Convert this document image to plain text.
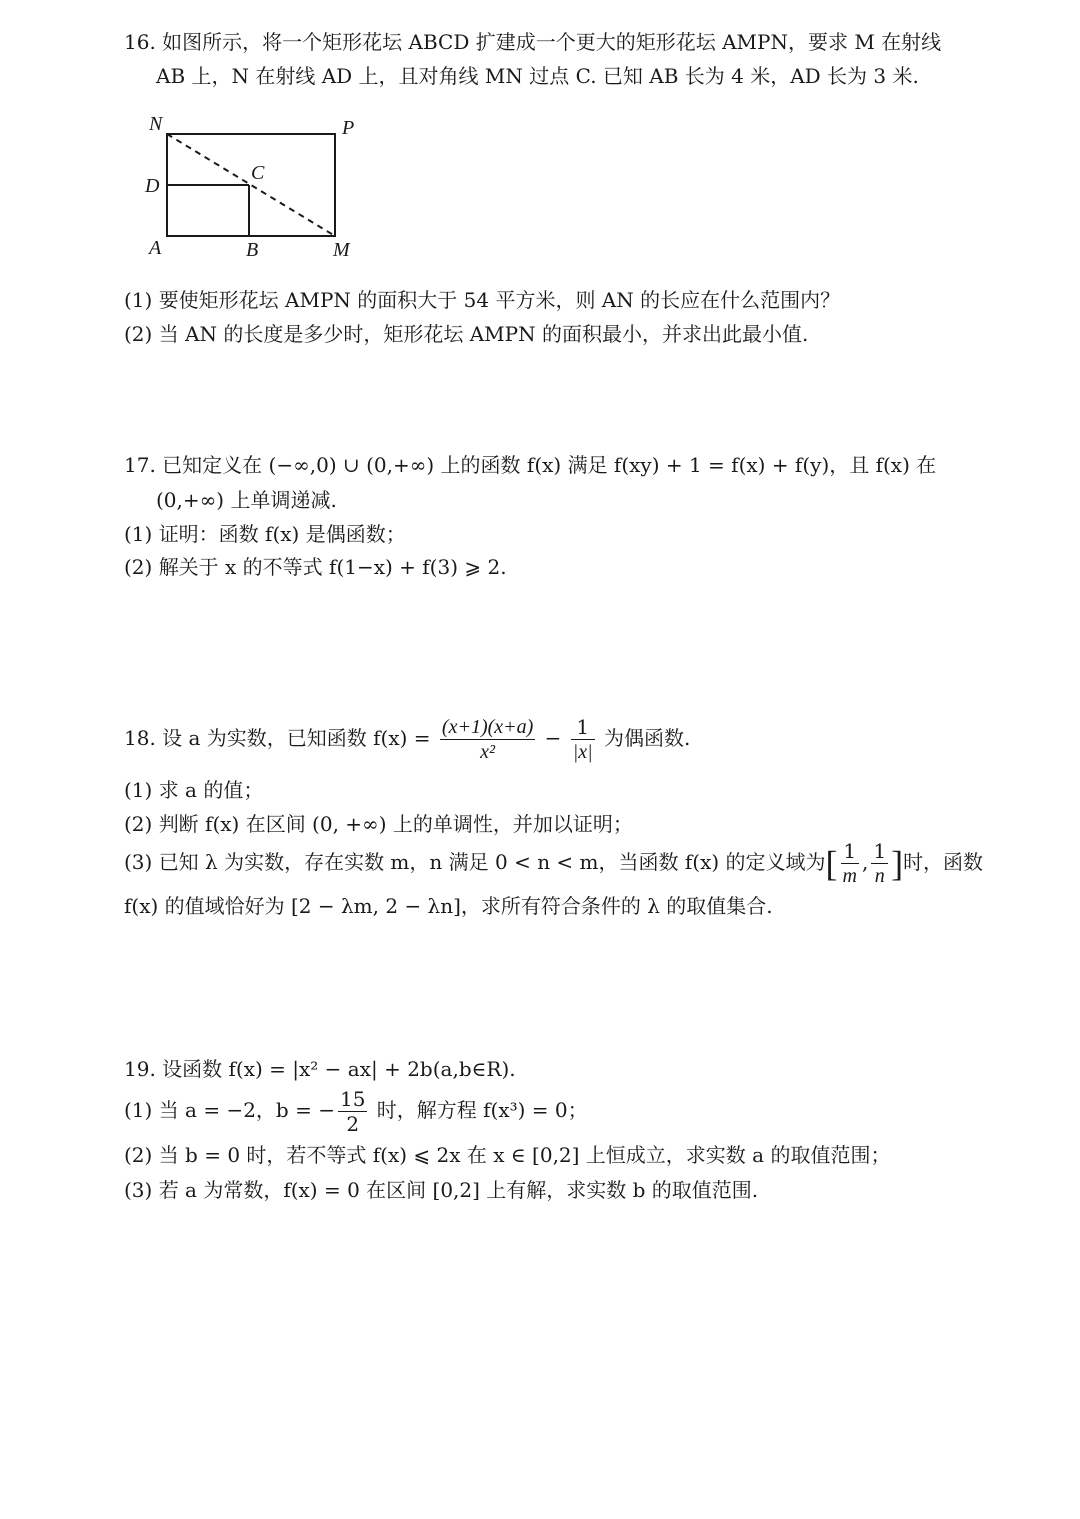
16. 如图所示，将一个矩形花坛 ABCD 扩建成一个更大的矩形花坛 AMPN，要求 M 在射线
AB 上，N 在射线 AD 上，且对角线 MN 过点 C. 已知 AB 长为 4 米，AD 长为 3 米.
N	P
D
C
A	B	M
(1) 要使矩形花坛 AMPN 的面积大于 54 平方米，则 AN 的长应在什么范围内？
(2) 当 AN 的长度是多少时，矩形花坛 AMPN 的面积最小，并求出此最小值.
17. 已知定义在 (−∞,0) ∪ (0,+∞) 上的函数 f(x) 满足 f(xy) + 1 = f(x) + f(y)，且 f(x) 在
(0,+∞) 上单调递减.
(1) 证明：函数 f(x) 是偶函数；
(2) 解关于 x 的不等式 f(1−x) + f(3) ⩾ 2.
18. 设 a 为实数，已知函数 $f(x) = \frac{(x+1)(x+a)}{\text{x²}} - \frac{1}{|x|}$ 为偶函数.
(1) 求 a 的值；
(2) 判断 f(x) 在区间 (0, +∞) 上的单调性，并加以证明；
(3) 已知 λ 为实数，存在实数 m，n 满足 0 < n < m，当函数 f(x) 的定义域为[ $\frac{1}{m}$ , $\frac{1}{n}$ ]时，函数
f(x) 的值域恰好为 [2 − λm, 2 − λn]，求所有符合条件的 λ 的取值集合.
19. 设函数 f(x) = |x² − ax| + 2b(a,b∈R).
(1) 当 a = −2，b = − $\frac{15}{2}$ 时，解方程 f(x³) = 0；
(2) 当 b = 0 时，若不等式 f(x) ⩽ 2x 在 x ∈ [0,2] 上恒成立，求实数 a 的取值范围；
(3) 若 a 为常数，f(x) = 0 在区间 [0,2] 上有解，求实数 b 的取值范围.
